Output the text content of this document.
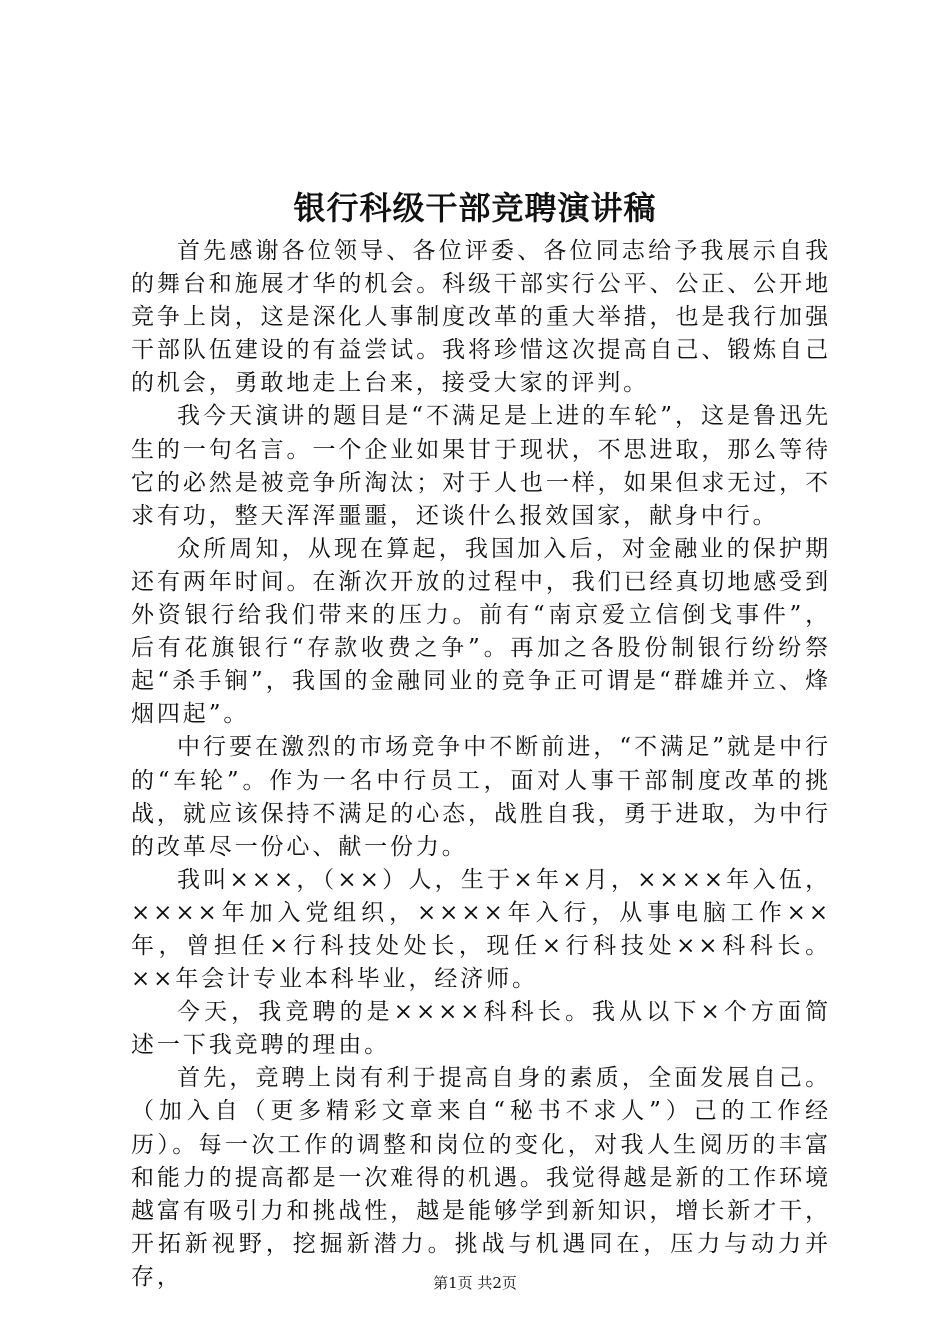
银行科级干部竞聘演讲稿

首先感谢各位领导、各位评委、各位同志给予我展示自我的舞台和施展才华的机会。科级干部实行公平、公正、公开地竞争上岗，这是深化人事制度改革的重大举措，也是我行加强干部队伍建设的有益尝试。我将珍惜这次提高自己、锻炼自己的机会，勇敢地走上台来，接受大家的评判。

我今天演讲的题目是“不满足是上进的车轮”，这是鲁迅先生的一句名言。一个企业如果甘于现状，不思进取，那么等待它的必然是被竞争所淘汰；对于人也一样，如果但求无过，不求有功，整天浑浑噩噩，还谈什么报效国家，献身中行。

众所周知，从现在算起，我国加入后，对金融业的保护期还有两年时间。在渐次开放的过程中，我们已经真切地感受到外资银行给我们带来的压力。前有“南京爱立信倒戈事件”，后有花旗银行“存款收费之争”。再加之各股份制银行纷纷祭起“杀手锏”，我国的金融同业的竞争正可谓是“群雄并立、烽烟四起”。

中行要在激烈的市场竞争中不断前进，“不满足”就是中行的“车轮”。作为一名中行员工，面对人事干部制度改革的挑战，就应该保持不满足的心态，战胜自我，勇于进取，为中行的改革尽一份心、献一份力。

我叫×××，（××）人，生于×年×月，××××年入伍，××××年加入党组织，××××年入行，从事电脑工作××年，曾担任×行科技处处长，现任×行科技处××科科长。××年会计专业本科毕业，经济师。

今天，我竞聘的是××××科科长。我从以下×个方面简述一下我竞聘的理由。

首先，竞聘上岗有利于提高自身的素质，全面发展自己。（加入自（更多精彩文章来自“秘书不求人”）己的工作经历）。每一次工作的调整和岗位的变化，对我人生阅历的丰富和能力的提高都是一次难得的机遇。我觉得越是新的工作环境越富有吸引力和挑战性，越是能够学到新知识，增长新才干，开拓新视野，挖掘新潜力。挑战与机遇同在，压力与动力并存，	第1页 共2页
